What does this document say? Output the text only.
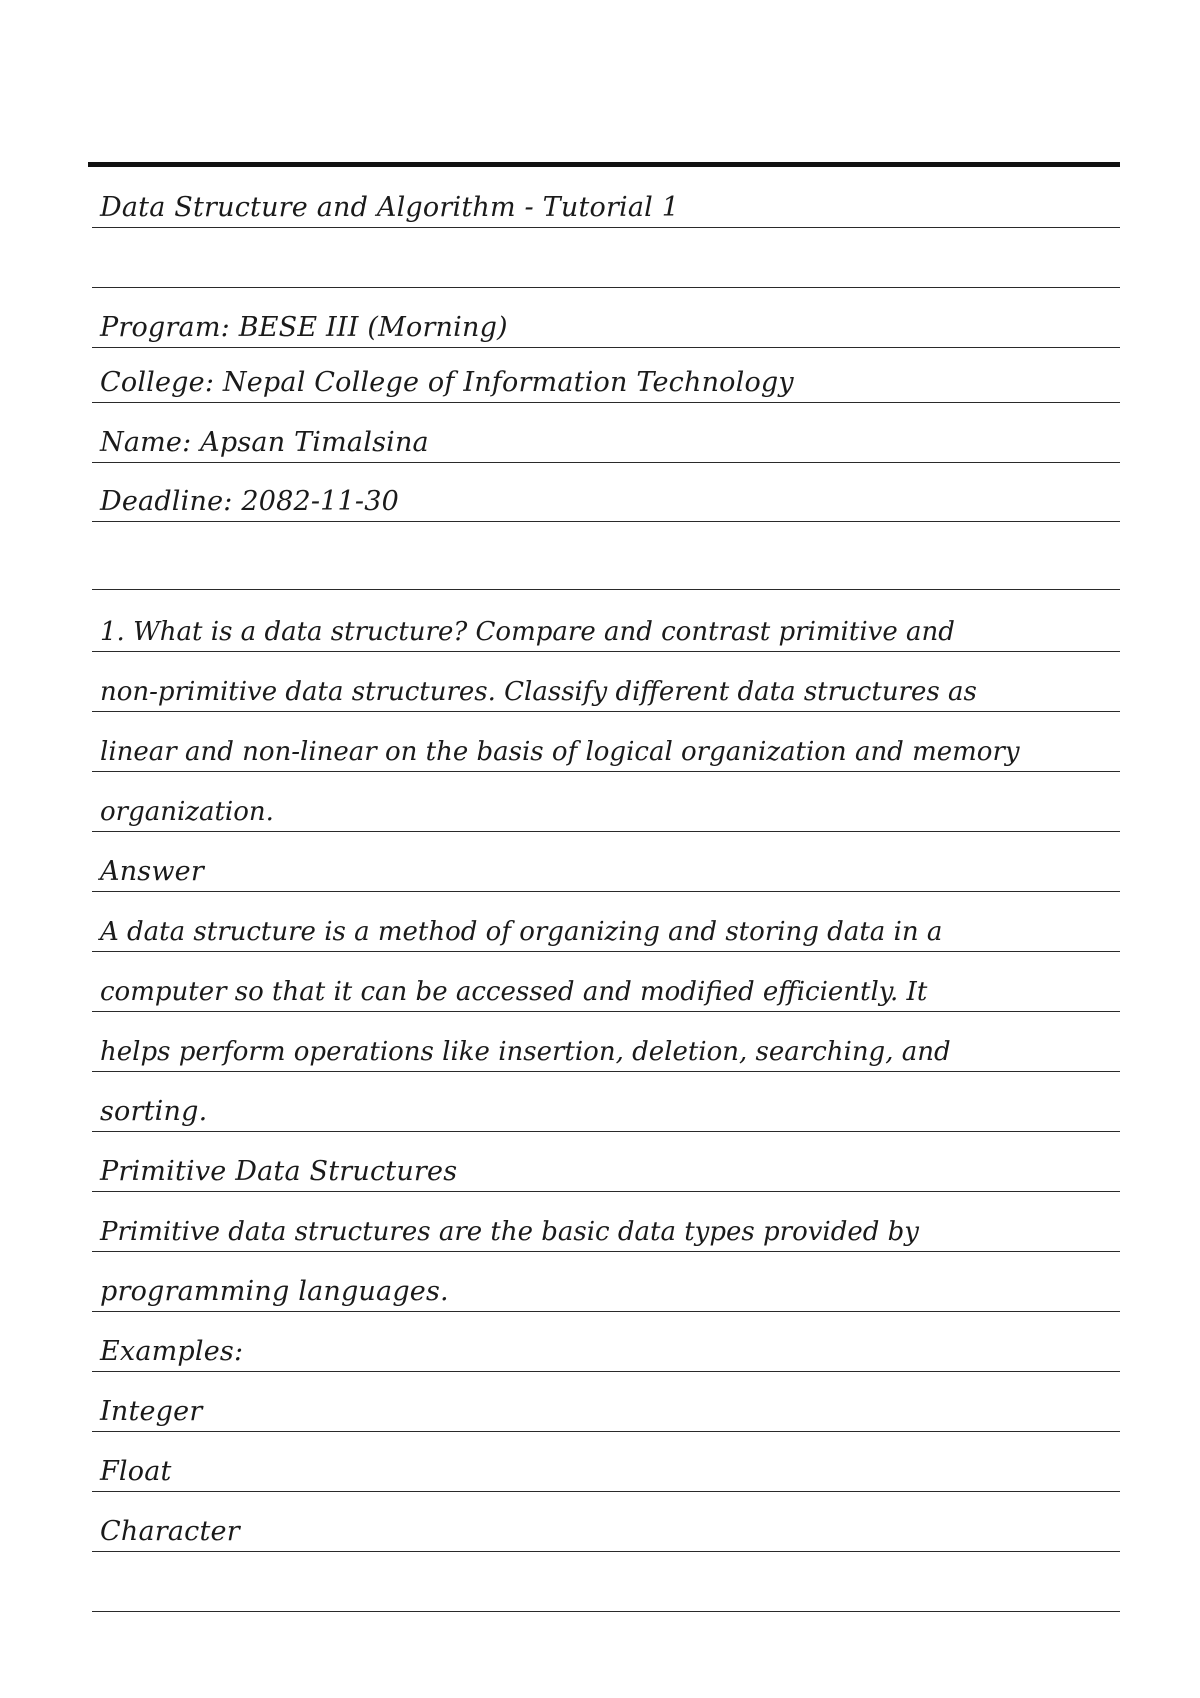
Data Structure and Algorithm - Tutorial 1
Program: BESE III (Morning)
College: Nepal College of Information Technology
Name: Apsan Timalsina
Deadline: 2082-11-30
1. What is a data structure? Compare and contrast primitive and
non-primitive data structures. Classify different data structures as
linear and non-linear on the basis of logical organization and memory
organization.
Answer
A data structure is a method of organizing and storing data in a
computer so that it can be accessed and modified efficiently. It
helps perform operations like insertion, deletion, searching, and
sorting.
Primitive Data Structures
Primitive data structures are the basic data types provided by
programming languages.
Examples:
Integer
Float
Character
